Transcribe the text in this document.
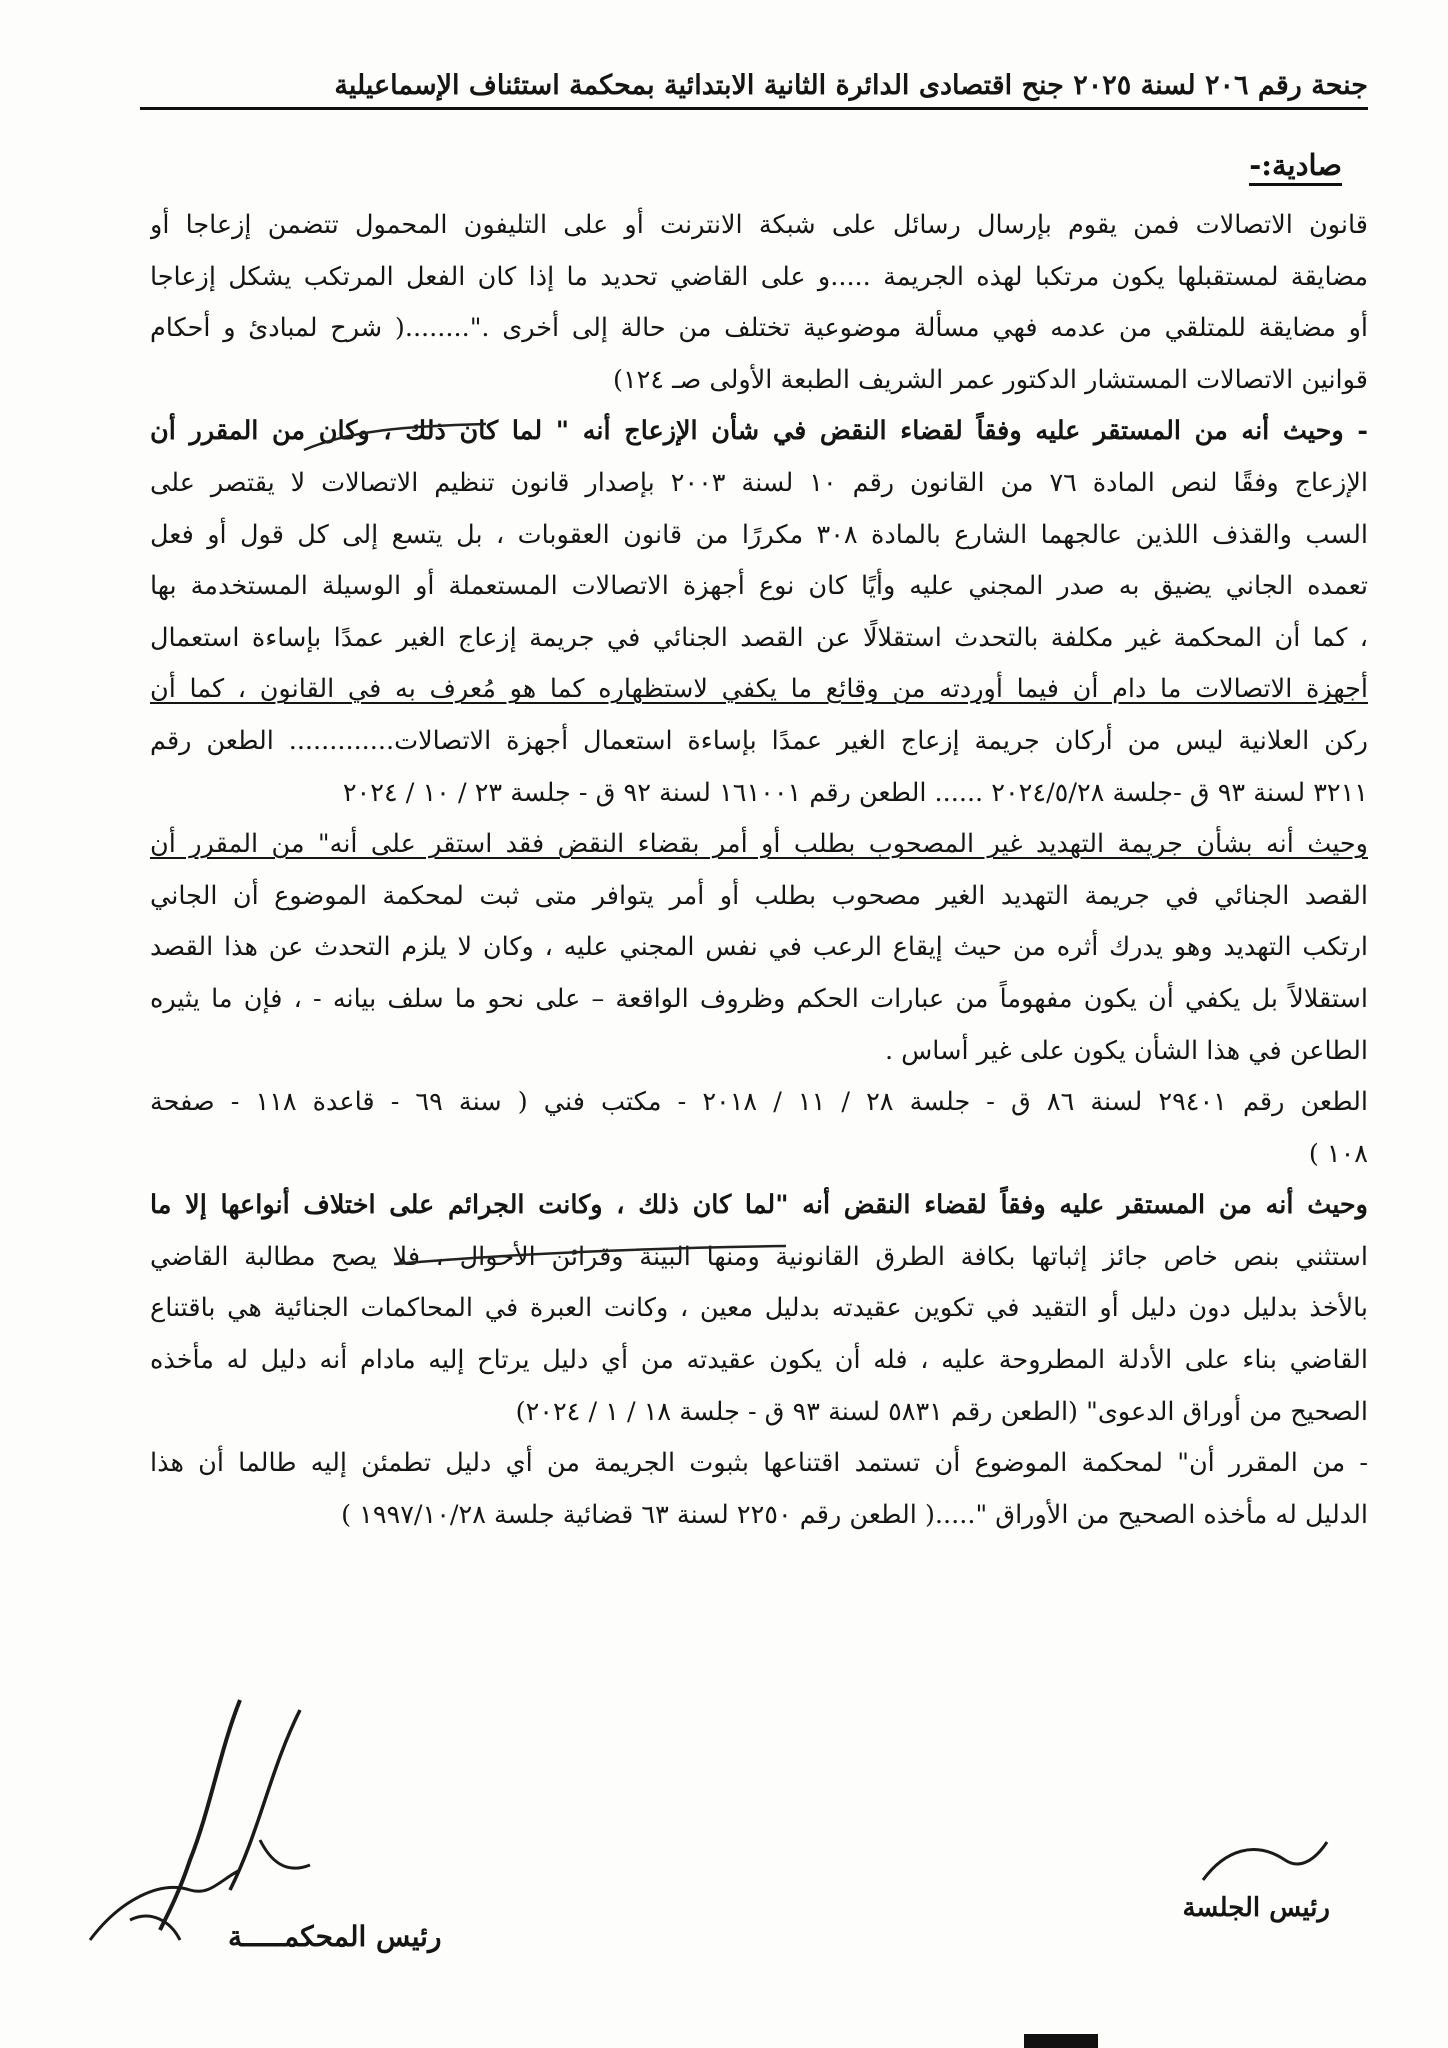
جنحة رقم ٢٠٦ لسنة ٢٠٢٥ جنح اقتصادى الدائرة الثانية الابتدائية بمحكمة استئناف الإسماعيلية
صادية:-
قانون الاتصالات فمن يقوم بإرسال رسائل على شبكة الانترنت أو على التليفون المحمول تتضمن إزعاجا أو
مضايقة لمستقبلها يكون مرتكبا لهذه الجريمة .....و على القاضي تحديد ما إذا كان الفعل المرتكب يشكل إزعاجا
أو مضايقة للمتلقي من عدمه فهي مسألة موضوعية تختلف من حالة إلى أخرى ."........( شرح لمبادئ و أحكام
قوانين الاتصالات المستشار الدكتور عمر الشريف الطبعة الأولى صـ ١٢٤)
- وحيث أنه من المستقر عليه وفقاً لقضاء النقض في شأن الإزعاج أنه " لما كان ذلك ، وكان من المقرر أن
الإزعاج وفقًا لنص المادة ٧٦ من القانون رقم ١٠ لسنة ٢٠٠٣ بإصدار قانون تنظيم الاتصالات لا يقتصر على
السب والقذف اللذين عالجهما الشارع بالمادة ٣٠٨ مكررًا من قانون العقوبات ، بل يتسع إلى كل قول أو فعل
تعمده الجاني يضيق به صدر المجني عليه وأيًا كان نوع أجهزة الاتصالات المستعملة أو الوسيلة المستخدمة بها
، كما أن المحكمة غير مكلفة بالتحدث استقلالًا عن القصد الجنائي في جريمة إزعاج الغير عمدًا بإساءة استعمال
أجهزة الاتصالات ما دام أن فيما أوردته من وقائع ما يكفي لاستظهاره كما هو مُعرف به في القانون ، كما أن
ركن العلانية ليس من أركان جريمة إزعاج الغير عمدًا بإساءة استعمال أجهزة الاتصالات............. الطعن رقم
٣٢١١ لسنة ٩٣ ق -جلسة ٢٠٢٤/٥/٢٨ ...... الطعن رقم ١٦١٠٠١ لسنة ٩٢ ق - جلسة ٢٣ / ١٠ / ٢٠٢٤
وحيث أنه بشأن جريمة التهديد غير المصحوب بطلب أو أمر بقضاء النقض فقد استقر على أنه" من المقرر أن
القصد الجنائي في جريمة التهديد الغير مصحوب بطلب أو أمر يتوافر متى ثبت لمحكمة الموضوع أن الجاني
ارتكب التهديد وهو يدرك أثره من حيث إيقاع الرعب في نفس المجني عليه ، وكان لا يلزم التحدث عن هذا القصد
استقلالاً بل يكفي أن يكون مفهوماً من عبارات الحكم وظروف الواقعة – على نحو ما سلف بيانه - ، فإن ما يثيره
الطاعن في هذا الشأن يكون على غير أساس .
الطعن رقم ٢٩٤٠١ لسنة ٨٦ ق - جلسة ٢٨ / ١١ / ٢٠١٨ - مكتب فني ( سنة ٦٩ - قاعدة ١١٨ - صفحة
١٠٨ )
وحيث أنه من المستقر عليه وفقاً لقضاء النقض أنه "لما كان ذلك ، وكانت الجرائم على اختلاف أنواعها إلا ما
استثني بنص خاص جائز إثباتها بكافة الطرق القانونية ومنها البينة وقرائن الأحوال ، فلا يصح مطالبة القاضي
بالأخذ بدليل دون دليل أو التقيد في تكوين عقيدته بدليل معين ، وكانت العبرة في المحاكمات الجنائية هي باقتناع
القاضي بناء على الأدلة المطروحة عليه ، فله أن يكون عقيدته من أي دليل يرتاح إليه مادام أنه دليل له مأخذه
الصحيح من أوراق الدعوى" (الطعن رقم ٥٨٣١ لسنة ٩٣ ق - جلسة ١٨ / ١ / ٢٠٢٤)
- من المقرر أن" لمحكمة الموضوع أن تستمد اقتناعها بثبوت الجريمة من أي دليل تطمئن إليه طالما أن هذا
الدليل له مأخذه الصحيح من الأوراق ".....( الطعن رقم ٢٢٥٠ لسنة ٦٣ قضائية جلسة ١٩٩٧/١٠/٢٨ )
رئيس الجلسة
رئيس المحكمـــــة
